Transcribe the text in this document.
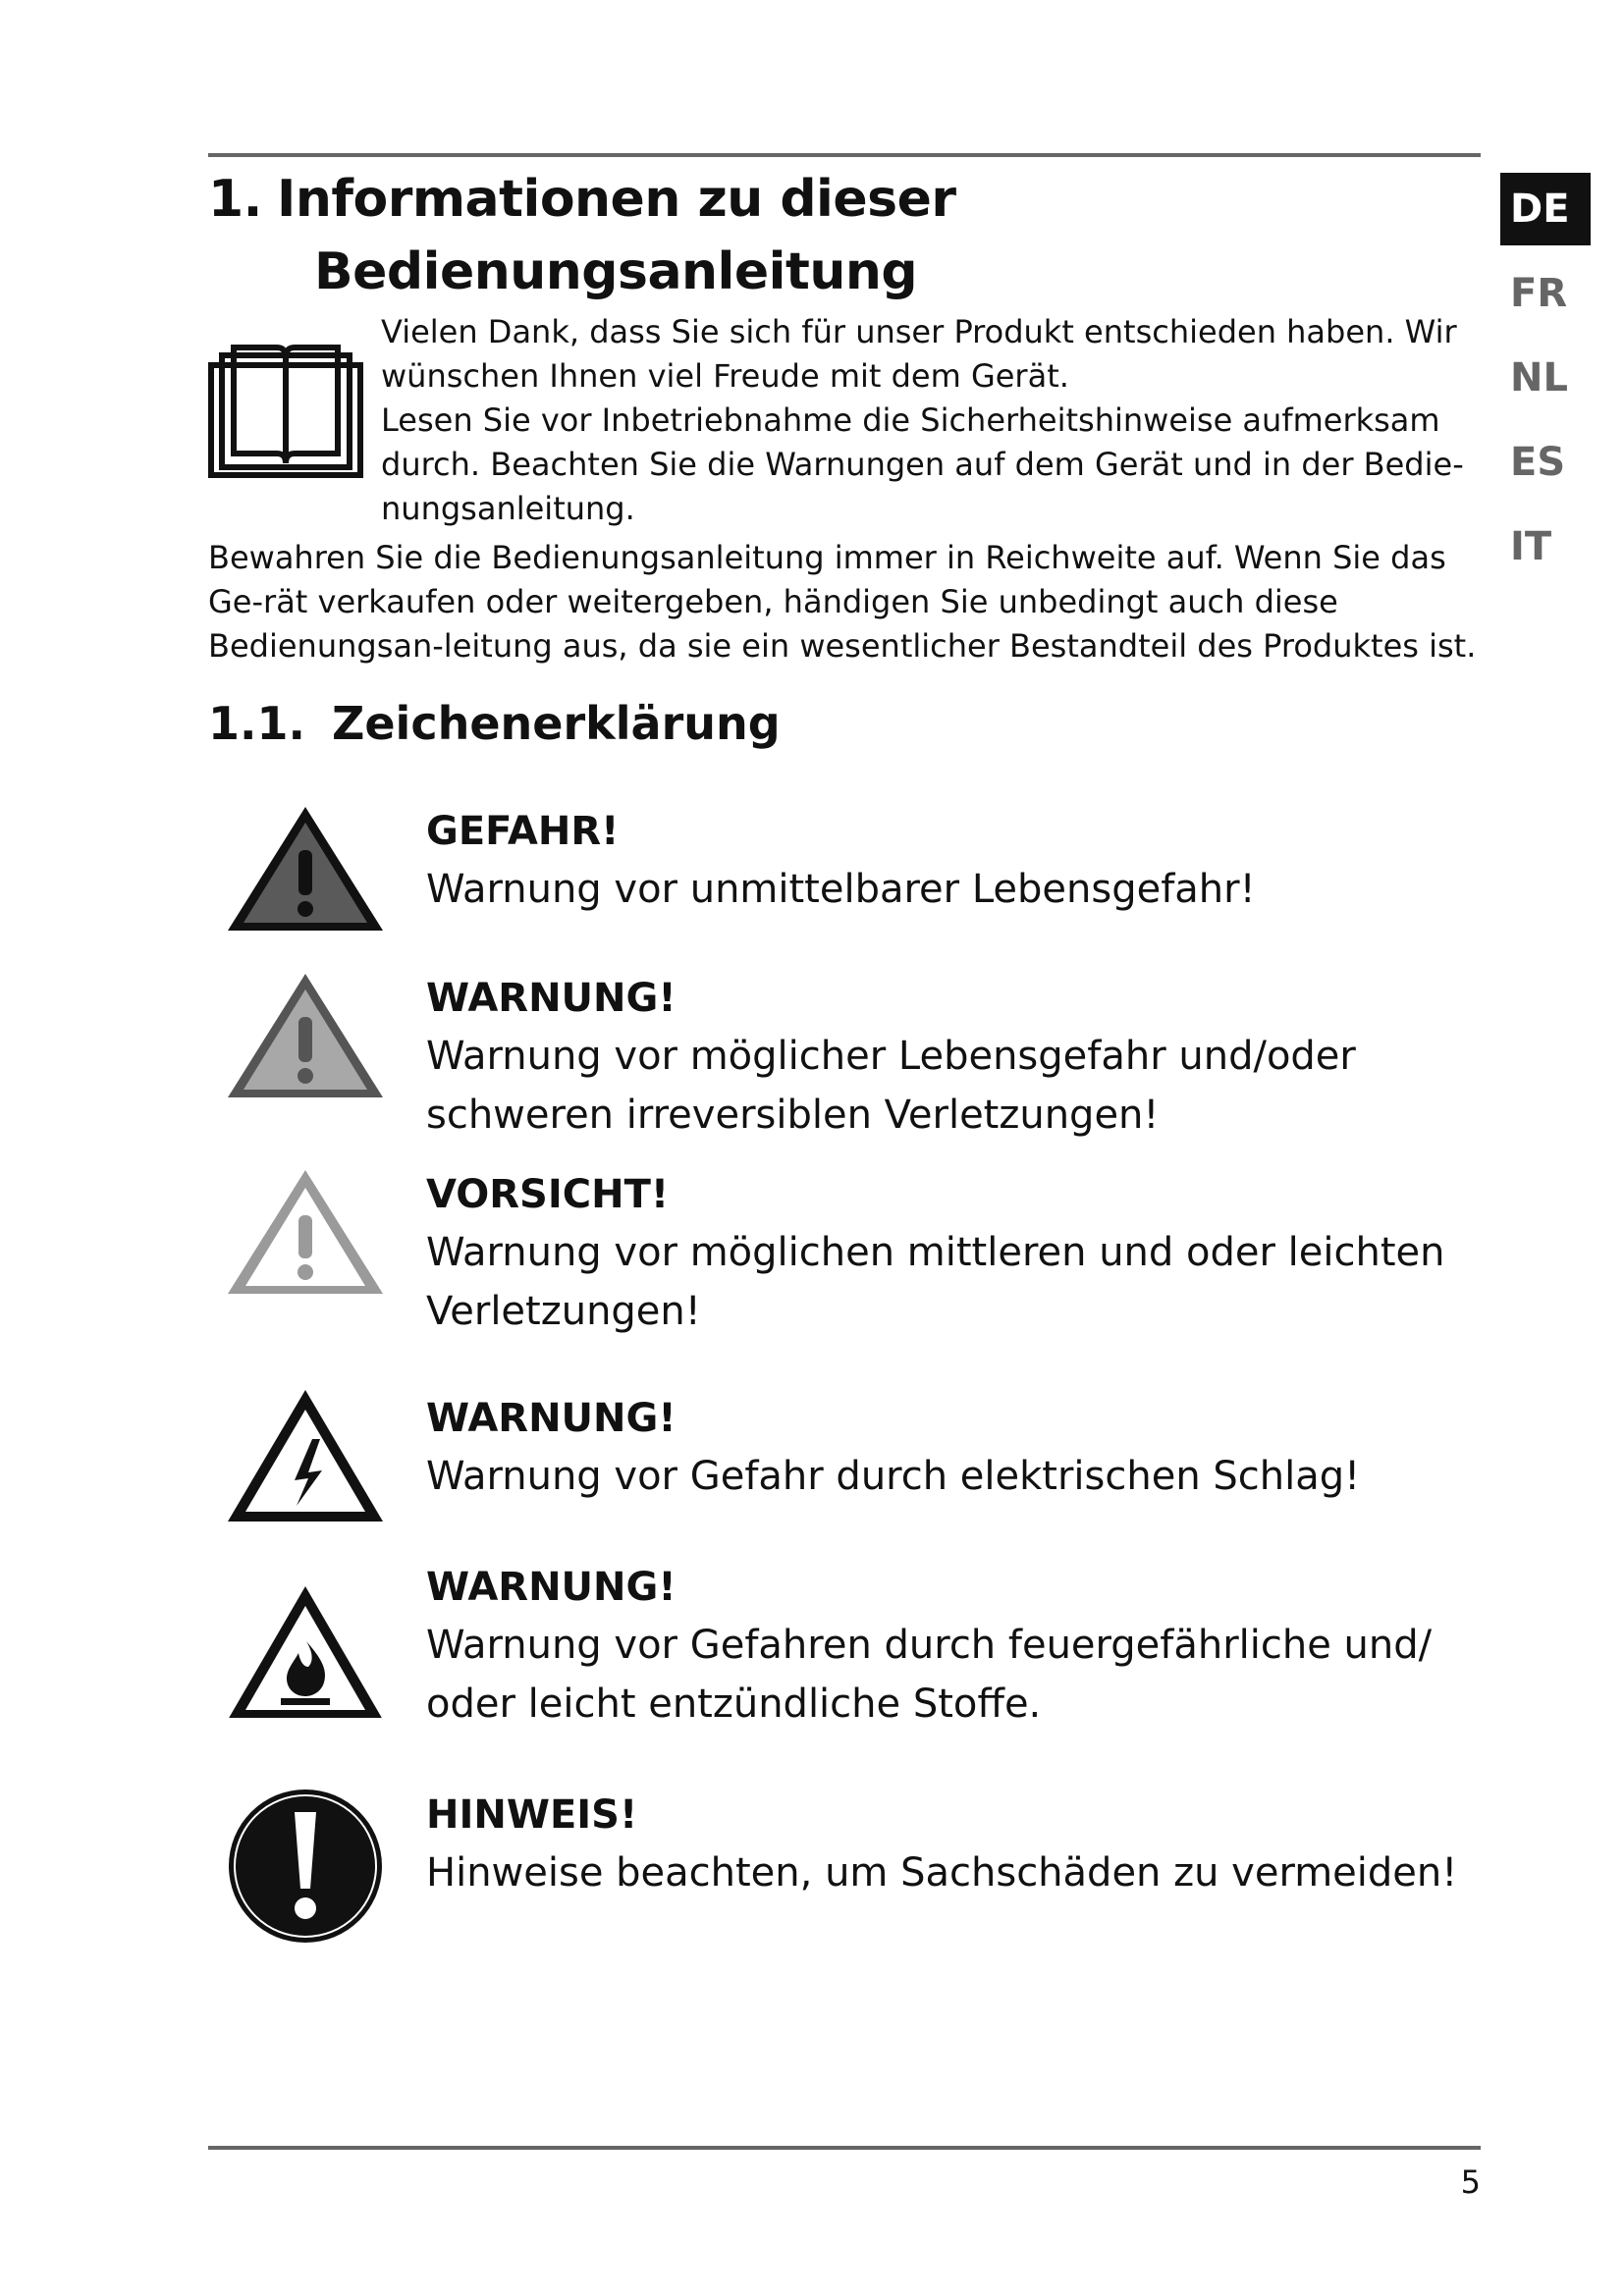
DE
FR
NL
ES
IT
1. Informationen zu dieser
Bedienungsanleitung

Vielen Dank, dass Sie sich für unser Produkt entschieden haben. Wir wünschen Ihnen viel Freude mit dem Gerät.

Lesen Sie vor Inbetriebnahme die Sicherheitshinweise aufmerksam durch. Beachten Sie die Warnungen auf dem Gerät und in der Bedie-nungsanleitung.

Bewahren Sie die Bedienungsanleitung immer in Reichweite auf. Wenn Sie das Ge-rät verkaufen oder weitergeben, händigen Sie unbedingt auch diese Bedienungsan-leitung aus, da sie ein wesentlicher Bestandteil des Produktes ist.

1.1. Zeichenerklärung
GEFAHR!
Warnung vor unmittelbarer Lebensgefahr!
WARNUNG!
Warnung vor möglicher Lebensgefahr und/oder schweren irreversiblen Verletzungen!
VORSICHT!
Warnung vor möglichen mittleren und oder leichten Verletzungen!
WARNUNG!
Warnung vor Gefahr durch elektrischen Schlag!
WARNUNG!
Warnung vor Gefahren durch feuergefährliche und/ oder leicht entzündliche Stoffe.
HINWEIS!
Hinweise beachten, um Sachschäden zu vermeiden!
5
